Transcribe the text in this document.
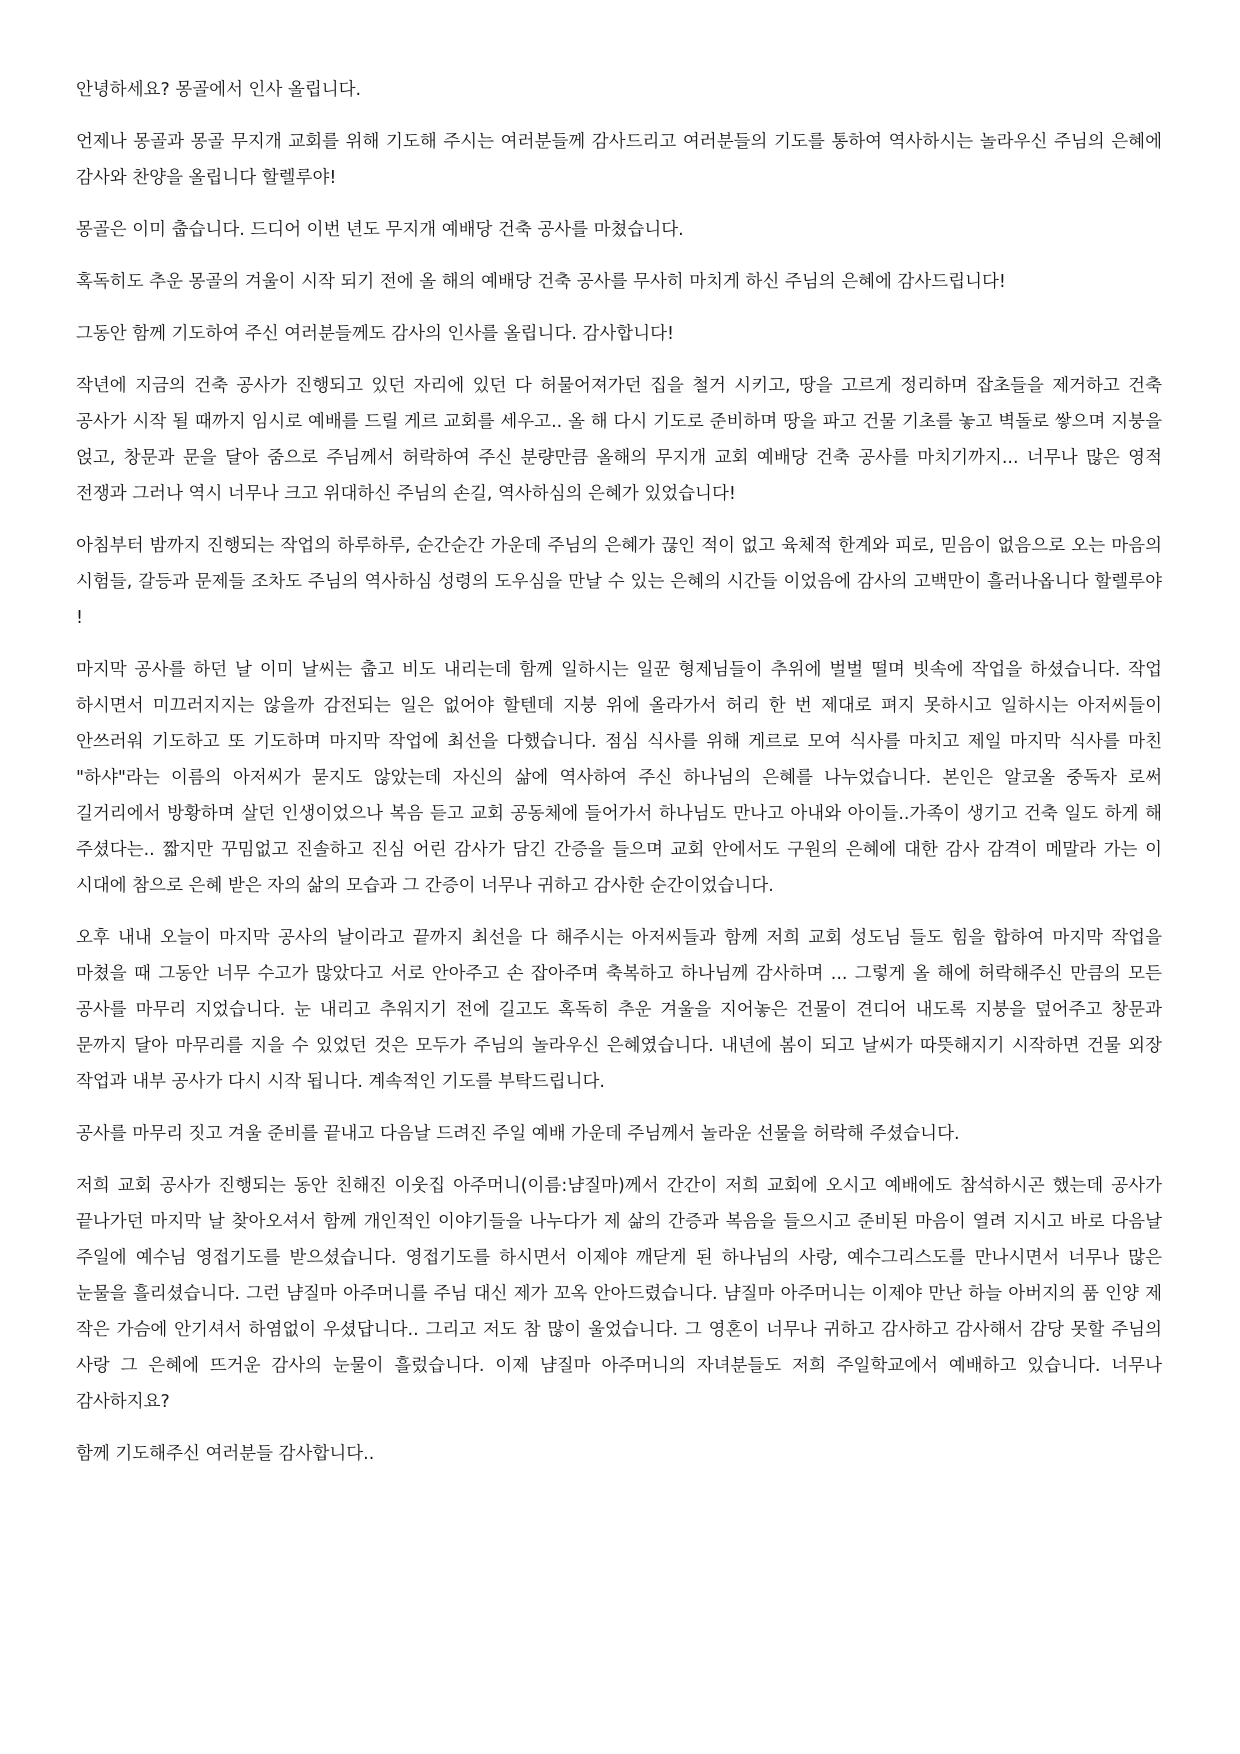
안녕하세요? 몽골에서 인사 올립니다.

언제나 몽골과 몽골 무지개 교회를 위해 기도해 주시는 여러분들께 감사드리고 여러분들의 기도를 통하여 역사하시는 놀라우신 주님의 은혜에 감사와 찬양을 올립니다 할렐루야!

몽골은 이미 춥습니다. 드디어 이번 년도 무지개 예배당 건축 공사를 마쳤습니다.

혹독히도 추운 몽골의 겨울이 시작 되기 전에 올 해의 예배당 건축 공사를 무사히 마치게 하신 주님의 은혜에 감사드립니다!

그동안 함께 기도하여 주신 여러분들께도 감사의 인사를 올립니다. 감사합니다!

작년에 지금의 건축 공사가 진행되고 있던 자리에 있던 다 허물어져가던 집을 철거 시키고, 땅을 고르게 정리하며 잡초들을 제거하고 건축 공사가 시작 될 때까지 임시로 예배를 드릴 게르 교회를 세우고.. 올 해 다시 기도로 준비하며 땅을 파고 건물 기초를 놓고 벽돌로 쌓으며 지붕을 얹고, 창문과 문을 달아 줌으로 주님께서 허락하여 주신 분량만큼 올해의 무지개 교회 예배당 건축 공사를 마치기까지... 너무나 많은 영적 전쟁과 그러나 역시 너무나 크고 위대하신 주님의 손길, 역사하심의 은혜가 있었습니다!

아침부터 밤까지 진행되는 작업의 하루하루, 순간순간 가운데 주님의 은혜가 끊인 적이 없고 육체적 한계와 피로, 믿음이 없음으로 오는 마음의 시험들, 갈등과 문제들 조차도 주님의 역사하심 성령의 도우심을 만날 수 있는 은혜의 시간들 이었음에 감사의 고백만이 흘러나옵니다 할렐루야 !

마지막 공사를 하던 날 이미 날씨는 춥고 비도 내리는데 함께 일하시는 일꾼 형제님들이 추위에 벌벌 떨며 빗속에 작업을 하셨습니다. 작업 하시면서 미끄러지지는 않을까 감전되는 일은 없어야 할텐데 지붕 위에 올라가서 허리 한 번 제대로 펴지 못하시고 일하시는 아저씨들이 안쓰러워 기도하고 또 기도하며 마지막 작업에 최선을 다했습니다. 점심 식사를 위해 게르로 모여 식사를 마치고 제일 마지막 식사를 마친 "하샤"라는 이름의 아저씨가 묻지도 않았는데 자신의 삶에 역사하여 주신 하나님의 은혜를 나누었습니다. 본인은 알코올 중독자 로써 길거리에서 방황하며 살던 인생이었으나 복음 듣고 교회 공동체에 들어가서 하나님도 만나고 아내와 아이들..가족이 생기고 건축 일도 하게 해 주셨다는.. 짧지만 꾸밈없고 진솔하고 진심 어린 감사가 담긴 간증을 들으며 교회 안에서도 구원의 은혜에 대한 감사 감격이 메말라 가는 이 시대에 참으로 은혜 받은 자의 삶의 모습과 그 간증이 너무나 귀하고 감사한 순간이었습니다.

오후 내내 오늘이 마지막 공사의 날이라고 끝까지 최선을 다 해주시는 아저씨들과 함께 저희 교회 성도님 들도 힘을 합하여 마지막 작업을 마쳤을 때 그동안 너무 수고가 많았다고 서로 안아주고 손 잡아주며 축복하고 하나님께 감사하며 ... 그렇게 올 해에 허락해주신 만큼의 모든 공사를 마무리 지었습니다. 눈 내리고 추워지기 전에 길고도 혹독히 추운 겨울을 지어놓은 건물이 견디어 내도록 지붕을 덮어주고 창문과 문까지 달아 마무리를 지을 수 있었던 것은 모두가 주님의 놀라우신 은혜였습니다. 내년에 봄이 되고 날씨가 따뜻해지기 시작하면 건물 외장 작업과 내부 공사가 다시 시작 됩니다. 계속적인 기도를 부탁드립니다.

공사를 마무리 짓고 겨울 준비를 끝내고 다음날 드려진 주일 예배 가운데 주님께서 놀라운 선물을 허락해 주셨습니다.

저희 교회 공사가 진행되는 동안 친해진 이웃집 아주머니(이름:냠질마)께서 간간이 저희 교회에 오시고 예배에도 참석하시곤 했는데 공사가 끝나가던 마지막 날 찾아오셔서 함께 개인적인 이야기들을 나누다가 제 삶의 간증과 복음을 들으시고 준비된 마음이 열려 지시고 바로 다음날 주일에 예수님 영접기도를 받으셨습니다. 영접기도를 하시면서 이제야 깨닫게 된 하나님의 사랑, 예수그리스도를 만나시면서 너무나 많은 눈물을 흘리셨습니다. 그런 냠질마 아주머니를 주님 대신 제가 꼬옥 안아드렸습니다. 냠질마 아주머니는 이제야 만난 하늘 아버지의 품 인양 제 작은 가슴에 안기셔서 하염없이 우셨답니다.. 그리고 저도 참 많이 울었습니다. 그 영혼이 너무나 귀하고 감사하고 감사해서 감당 못할 주님의 사랑 그 은혜에 뜨거운 감사의 눈물이 흘렀습니다. 이제 냠질마 아주머니의 자녀분들도 저희 주일학교에서 예배하고 있습니다. 너무나 감사하지요?

함께 기도해주신 여러분들 감사합니다..
